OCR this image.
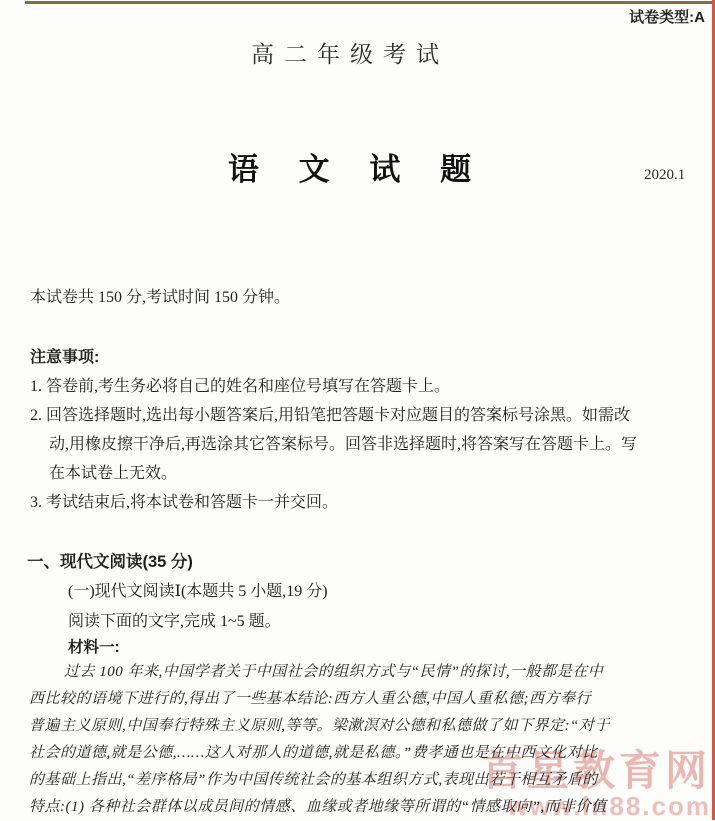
首星教育网
www.ln88.com
试卷类型:A
高二年级考试
语 文 试 题	2020.1
本试卷共 150 分,考试时间 150 分钟。
注意事项:
1. 答卷前,考生务必将自己的姓名和座位号填写在答题卡上。
2. 回答选择题时,选出每小题答案后,用铅笔把答题卡对应题目的答案标号涂黑。如需改
动,用橡皮擦干净后,再选涂其它答案标号。回答非选择题时,将答案写在答题卡上。写
在本试卷上无效。
3. 考试结束后,将本试卷和答题卡一并交回。
一、现代文阅读(35 分)
(一)现代文阅读Ⅰ(本题共 5 小题,19 分)
阅读下面的文字,完成 1~5 题。
材料一:
过去 100 年来,中国学者关于中国社会的组织方式与“民情”的探讨,一般都是在中
西比较的语境下进行的,得出了一些基本结论:西方人重公德,中国人重私德;西方奉行
普遍主义原则,中国奉行特殊主义原则,等等。梁漱溟对公德和私德做了如下界定:“对于
社会的道德,就是公德,……这人对那人的道德,就是私德。”费孝通也是在中西文化对比
的基础上指出,“差序格局”作为中国传统社会的基本组织方式,表现出若干相互矛盾的
特点:(1) 各种社会群体以成员间的情感、血缘或者地缘等所谓的“情感取向”,而非价值
